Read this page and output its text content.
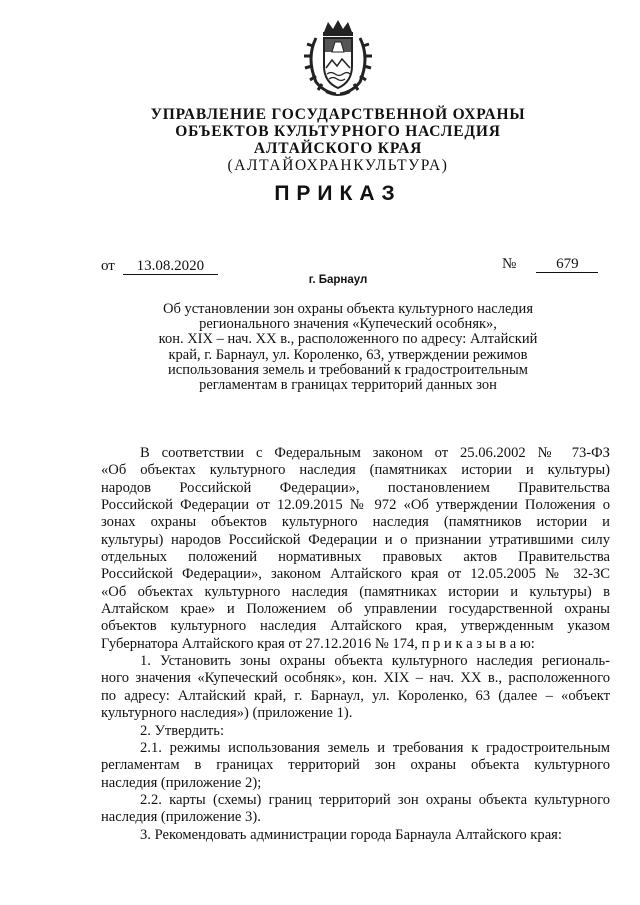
УПРАВЛЕНИЕ ГОСУДАРСТВЕННОЙ ОХРАНЫ
ОБЪЕКТОВ КУЛЬТУРНОГО НАСЛЕДИЯ
АЛТАЙСКОГО КРАЯ
(АЛТАЙОХРАНКУЛЬТУРА)
ПРИКАЗ
от 13.08.2020	№	679
г. Барнаул
Об установлении зон охраны объекта культурного наследия
регионального значения «Купеческий особняк»,
кон. XIX – нач. XX в., расположенного по адресу: Алтайский
край, г. Барнаул, ул. Короленко, 63, утверждении режимов
использования земель и требований к градостроительным
регламентам в границах территорий данных зон
В соответствии с Федеральным законом от 25.06.2002 № 73-ФЗ
«Об объектах культурного наследия (памятниках истории и культуры)
народов Российской Федерации», постановлением Правительства
Российской Федерации от 12.09.2015 № 972 «Об утверждении Положения о
зонах охраны объектов культурного наследия (памятников истории и
культуры) народов Российской Федерации и о признании утратившими силу
отдельных положений нормативных правовых актов Правительства
Российской Федерации», законом Алтайского края от 12.05.2005 № 32-ЗС
«Об объектах культурного наследия (памятниках истории и культуры) в
Алтайском крае» и Положением об управлении государственной охраны
объектов культурного наследия Алтайского края, утвержденным указом
Губернатора Алтайского края от 27.12.2016 № 174, п р и к а з ы в а ю:
1. Установить зоны охраны объекта культурного наследия региональ-
ного значения «Купеческий особняк», кон. XIX – нач. XX в., расположенного
по адресу: Алтайский край, г. Барнаул, ул. Короленко, 63 (далее – «объект
культурного наследия») (приложение 1).
2. Утвердить:
2.1. режимы использования земель и требования к градостроительным
регламентам в границах территорий зон охраны объекта культурного
наследия (приложение 2);
2.2. карты (схемы) границ территорий зон охраны объекта культурного
наследия (приложение 3).
3. Рекомендовать администрации города Барнаула Алтайского края:
